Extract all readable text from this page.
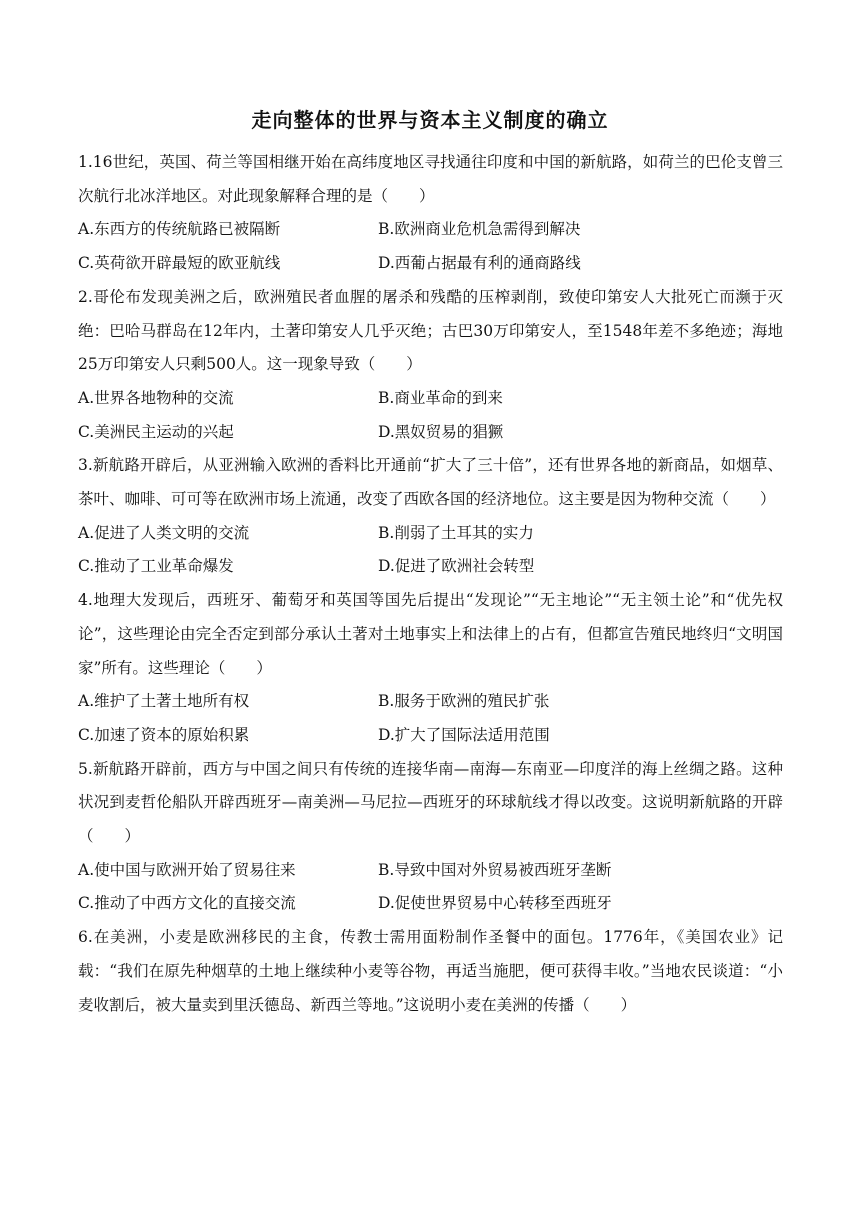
走向整体的世界与资本主义制度的确立
1.16世纪，英国、荷兰等国相继开始在高纬度地区寻找通往印度和中国的新航路，如荷兰的巴伦支曾三次航行北冰洋地区。对此现象解释合理的是（　　）
A.东西方的传统航路已被隔断	B.欧洲商业危机急需得到解决
C.英荷欲开辟最短的欧亚航线	D.西葡占据最有利的通商路线
2.哥伦布发现美洲之后，欧洲殖民者血腥的屠杀和残酷的压榨剥削，致使印第安人大批死亡而濒于灭绝：巴哈马群岛在12年内，土著印第安人几乎灭绝；古巴30万印第安人，至1548年差不多绝迹；海地25万印第安人只剩500人。这一现象导致（　　）
A.世界各地物种的交流	B.商业革命的到来
C.美洲民主运动的兴起	D.黑奴贸易的猖獗
3.新航路开辟后，从亚洲输入欧洲的香料比开通前“扩大了三十倍”，还有世界各地的新商品，如烟草、茶叶、咖啡、可可等在欧洲市场上流通，改变了西欧各国的经济地位。这主要是因为物种交流（　　）
A.促进了人类文明的交流	B.削弱了土耳其的实力
C.推动了工业革命爆发	D.促进了欧洲社会转型
4.地理大发现后，西班牙、葡萄牙和英国等国先后提出“发现论”“无主地论”“无主领土论”和“优先权论”，这些理论由完全否定到部分承认土著对土地事实上和法律上的占有，但都宣告殖民地终归“文明国家”所有。这些理论（　　）
A.维护了土著土地所有权	B.服务于欧洲的殖民扩张
C.加速了资本的原始积累	D.扩大了国际法适用范围
5.新航路开辟前，西方与中国之间只有传统的连接华南—南海—东南亚—印度洋的海上丝绸之路。这种状况到麦哲伦船队开辟西班牙—南美洲—马尼拉—西班牙的环球航线才得以改变。这说明新航路的开辟（　　）
A.使中国与欧洲开始了贸易往来	B.导致中国对外贸易被西班牙垄断
C.推动了中西方文化的直接交流	D.促使世界贸易中心转移至西班牙
6.在美洲，小麦是欧洲移民的主食，传教士需用面粉制作圣餐中的面包。1776年，《美国农业》记载：“我们在原先种烟草的土地上继续种小麦等谷物，再适当施肥，便可获得丰收。”当地农民谈道：“小麦收割后，被大量卖到里沃德岛、新西兰等地。”这说明小麦在美洲的传播（　　）
